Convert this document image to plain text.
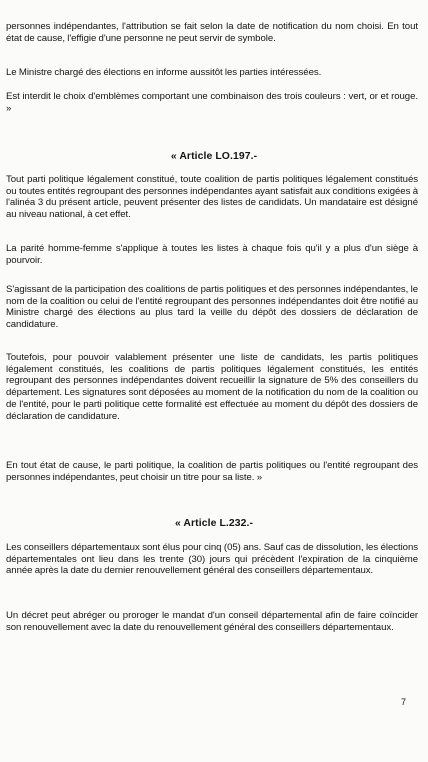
personnes indépendantes, l'attribution se fait selon la date de notification du nom choisi. En tout état de cause, l'effigie d'une personne ne peut servir de symbole.

Le Ministre chargé des élections en informe aussitôt les parties intéressées.

Est interdit le choix d'emblèmes comportant une combinaison des trois couleurs : vert, or et rouge. »

« Article LO.197.-

Tout parti politique légalement constitué, toute coalition de partis politiques légalement constitués ou toutes entités regroupant des personnes indépendantes ayant satisfait aux conditions exigées à l'alinéa 3 du présent article, peuvent présenter des listes de candidats. Un mandataire est désigné au niveau national, à cet effet.

La parité homme-femme s'applique à toutes les listes à chaque fois qu'il y a plus d'un siège à pourvoir.

S'agissant de la participation des coalitions de partis politiques et des personnes indépendantes, le nom de la coalition ou celui de l'entité regroupant des personnes indépendantes doit être notifié au Ministre chargé des élections au plus tard la veille du dépôt des dossiers de déclaration de candidature.

Toutefois, pour pouvoir valablement présenter une liste de candidats, les partis politiques légalement constitués, les coalitions de partis politiques légalement constitués, les entités regroupant des personnes indépendantes doivent recueillir la signature de 5% des conseillers du département. Les signatures sont déposées au moment de la notification du nom de la coalition ou de l'entité, pour le parti politique cette formalité est effectuée au moment du dépôt des dossiers de déclaration de candidature.

En tout état de cause, le parti politique, la coalition de partis politiques ou l'entité regroupant des personnes indépendantes, peut choisir un titre pour sa liste. »

« Article L.232.-

Les conseillers départementaux sont élus pour cinq (05) ans. Sauf cas de dissolution, les élections départementales ont lieu dans les trente (30) jours qui précèdent l'expiration de la cinquième année après la date du dernier renouvellement général des conseillers départementaux.

Un décret peut abréger ou proroger le mandat d'un conseil départemental afin de faire coïncider son renouvellement avec la date du renouvellement général des conseillers départementaux.

7
